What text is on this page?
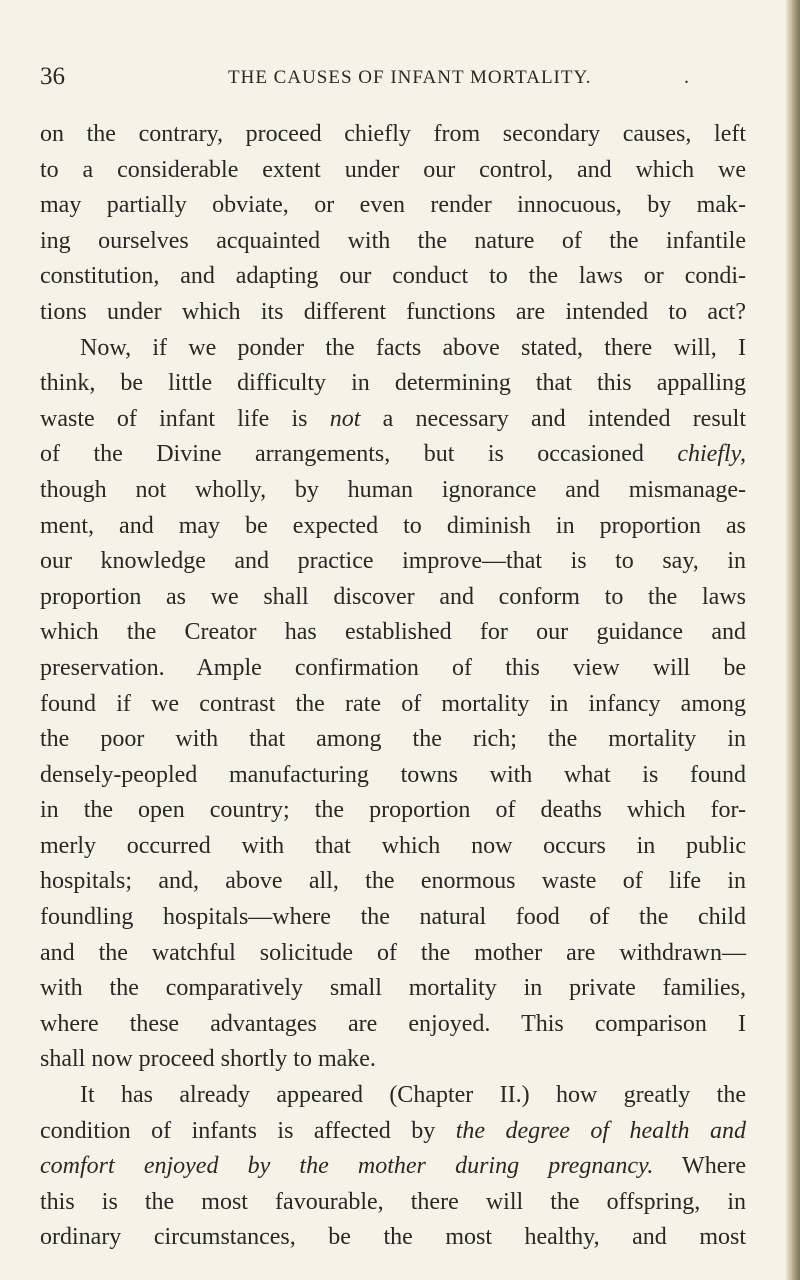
36	THE CAUSES OF INFANT MORTALITY.	.
on the contrary, proceed chiefly from secondary causes, left
to a considerable extent under our control, and which we
may partially obviate, or even render innocuous, by mak-
ing ourselves acquainted with the nature of the infantile
constitution, and adapting our conduct to the laws or condi-
tions under which its different functions are intended to act?
Now, if we ponder the facts above stated, there will, I
think, be little difficulty in determining that this appalling
waste of infant life is not a necessary and intended result
of the Divine arrangements, but is occasioned chiefly,
though not wholly, by human ignorance and mismanage-
ment, and may be expected to diminish in proportion as
our knowledge and practice improve—that is to say, in
proportion as we shall discover and conform to the laws
which the Creator has established for our guidance and
preservation. Ample confirmation of this view will be
found if we contrast the rate of mortality in infancy among
the poor with that among the rich; the mortality in
densely-peopled manufacturing towns with what is found
in the open country; the proportion of deaths which for-
merly occurred with that which now occurs in public
hospitals; and, above all, the enormous waste of life in
foundling hospitals—where the natural food of the child
and the watchful solicitude of the mother are withdrawn—
with the comparatively small mortality in private families,
where these advantages are enjoyed. This comparison I
shall now proceed shortly to make.
It has already appeared (Chapter II.) how greatly the
condition of infants is affected by the degree of health and
comfort enjoyed by the mother during pregnancy. Where
this is the most favourable, there will the offspring, in
ordinary circumstances, be the most healthy, and most
